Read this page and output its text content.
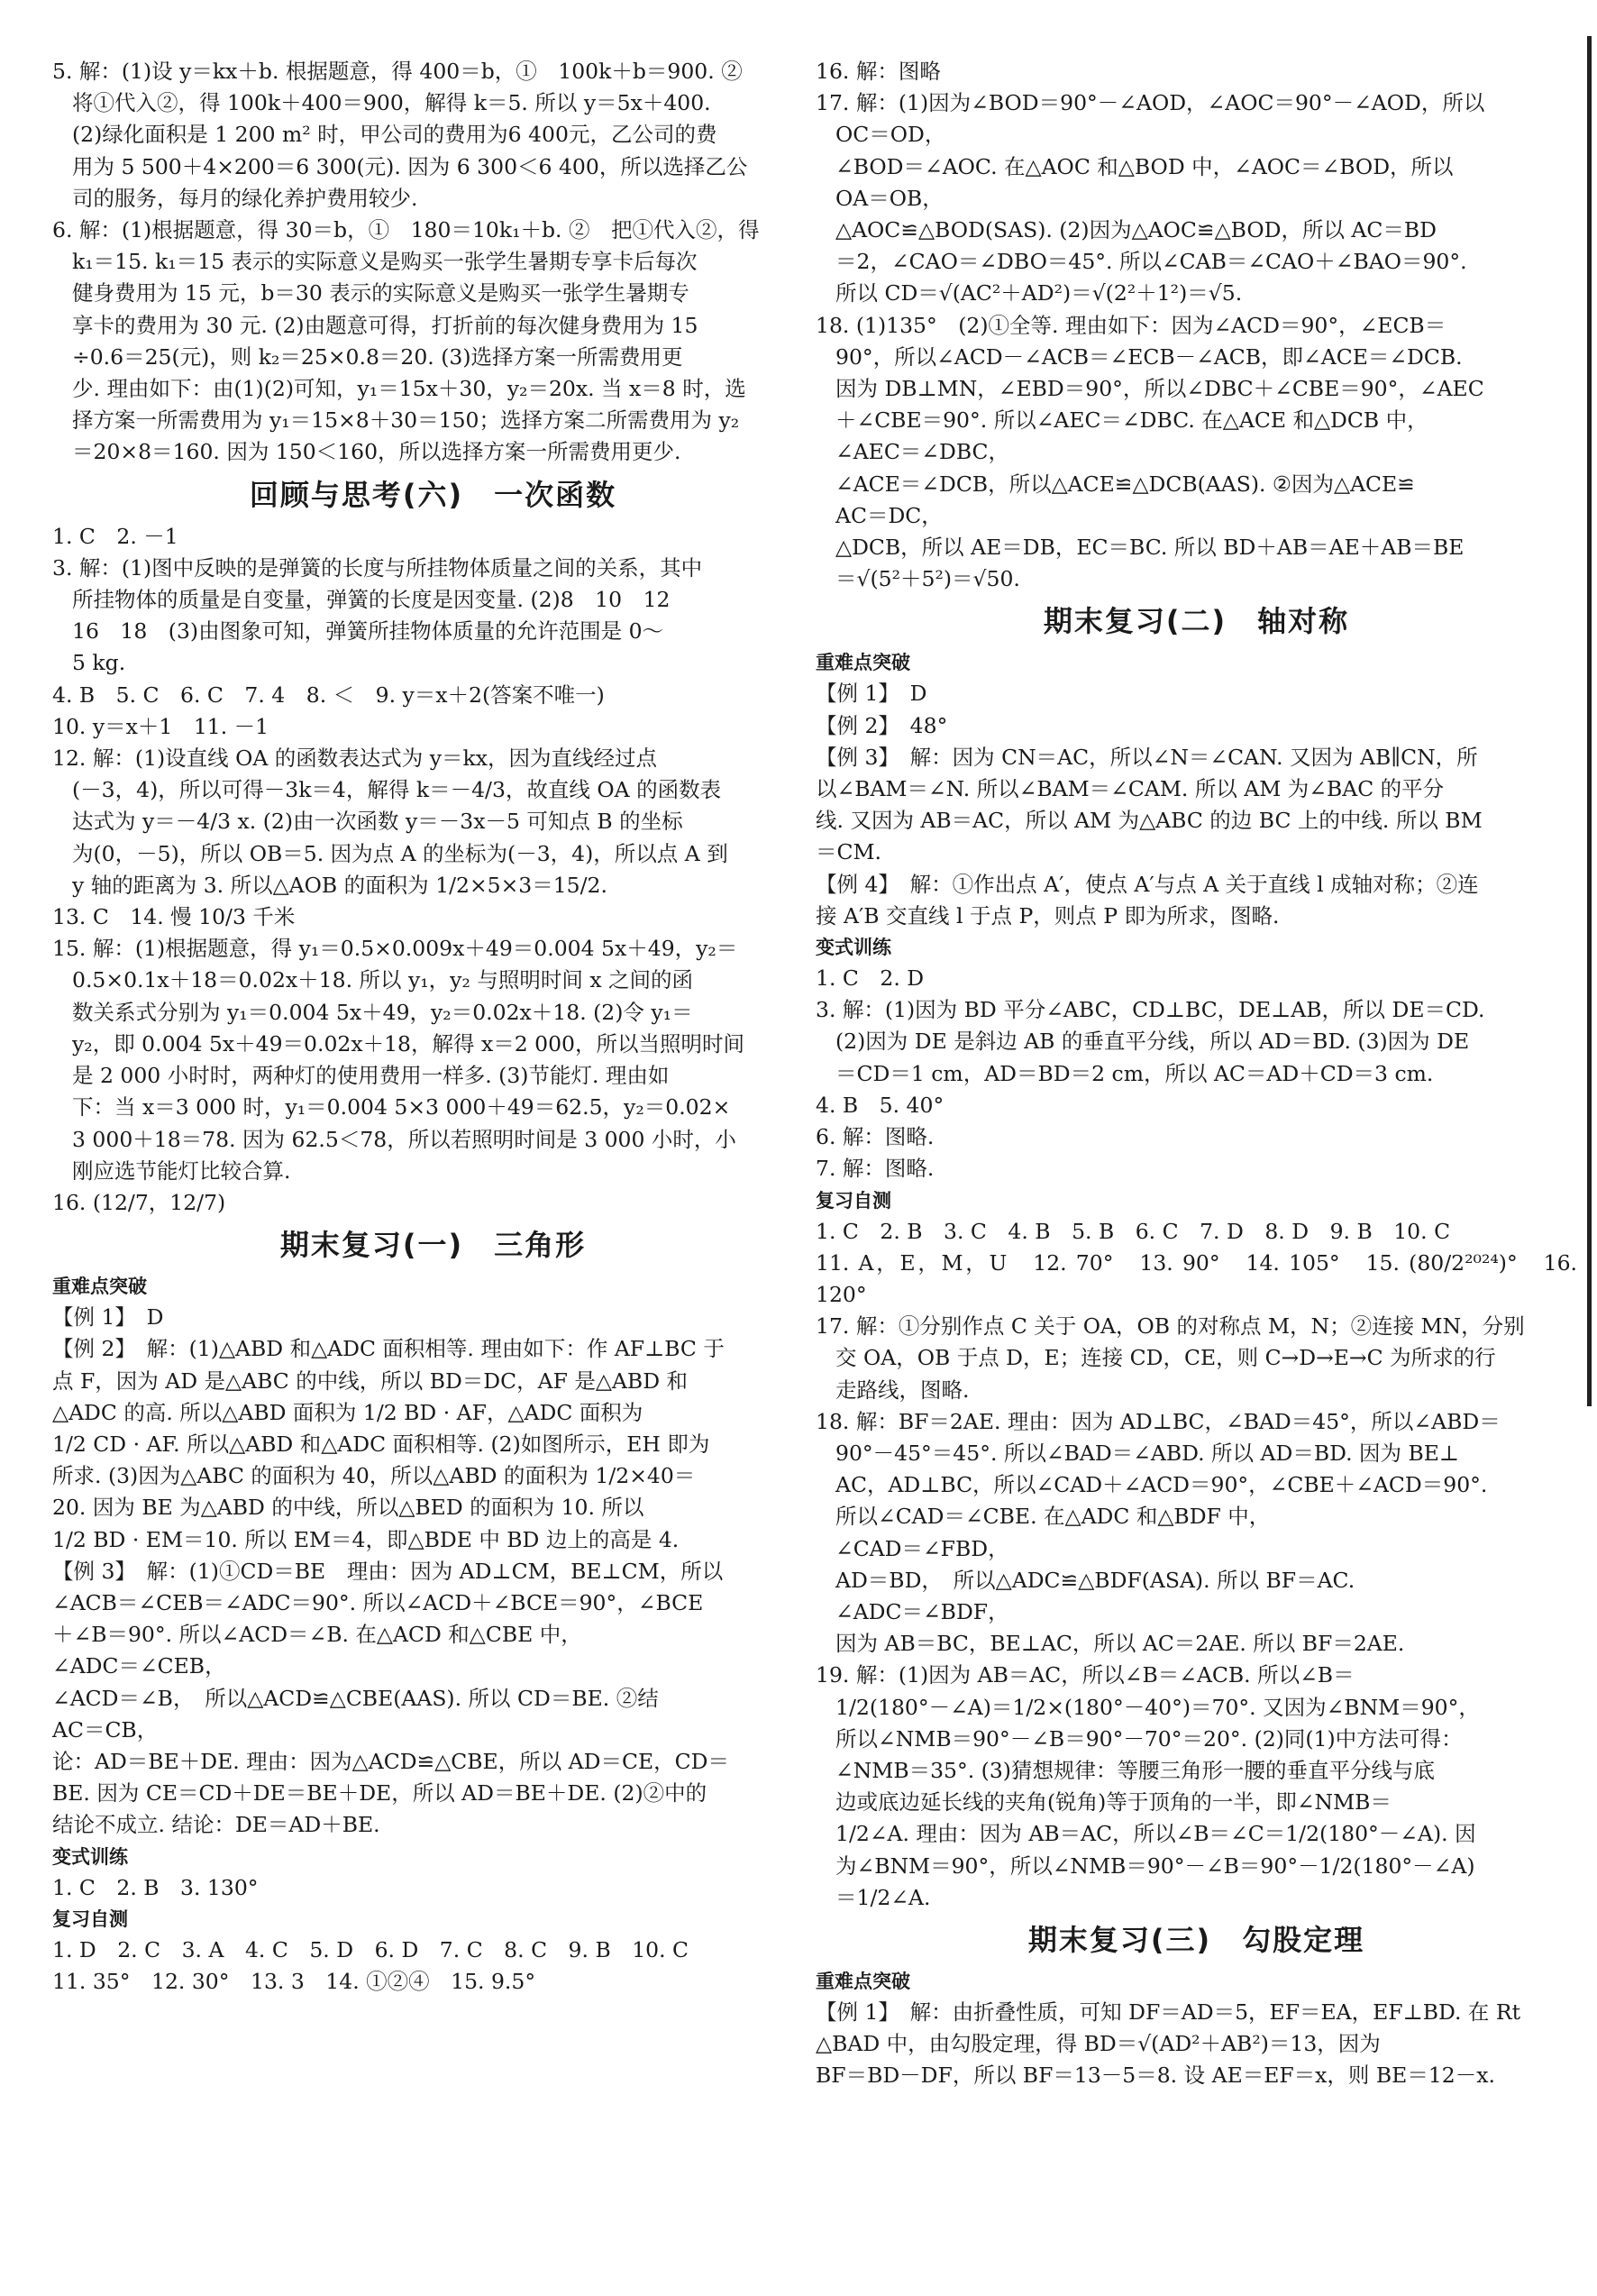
5. 解：(1)设 y＝kx＋b. 根据题意，得 400＝b，①　100k＋b＝900. ②
将①代入②，得 100k＋400＝900，解得 k＝5. 所以 y＝5x＋400.
(2)绿化面积是 1 200 m² 时，甲公司的费用为6 400元，乙公司的费
用为 5 500＋4×200＝6 300(元). 因为 6 300＜6 400，所以选择乙公
司的服务，每月的绿化养护费用较少.
6. 解：(1)根据题意，得 30＝b，①　180＝10k₁＋b. ②　把①代入②，得
k₁＝15. k₁＝15 表示的实际意义是购买一张学生暑期专享卡后每次
健身费用为 15 元，b＝30 表示的实际意义是购买一张学生暑期专
享卡的费用为 30 元. (2)由题意可得，打折前的每次健身费用为 15
÷0.6＝25(元)，则 k₂＝25×0.8＝20. (3)选择方案一所需费用更
少. 理由如下：由(1)(2)可知，y₁＝15x＋30，y₂＝20x. 当 x＝8 时，选
择方案一所需费用为 y₁＝15×8＋30＝150；选择方案二所需费用为 y₂
＝20×8＝160. 因为 150＜160，所以选择方案一所需费用更少.
回顾与思考(六)　一次函数
1. C　2. －1
3. 解：(1)图中反映的是弹簧的长度与所挂物体质量之间的关系，其中
所挂物体的质量是自变量，弹簧的长度是因变量. (2)8　10　12
16　18　(3)由图象可知，弹簧所挂物体质量的允许范围是 0～
5 kg.
4. B　5. C　6. C　7. 4　8. ＜　9. y＝x＋2(答案不唯一)
10. y＝x＋1　11. －1
12. 解：(1)设直线 OA 的函数表达式为 y＝kx，因为直线经过点
(－3，4)，所以可得－3k＝4，解得 k＝－4/3，故直线 OA 的函数表
达式为 y＝－4/3 x. (2)由一次函数 y＝－3x－5 可知点 B 的坐标
为(0，－5)，所以 OB＝5. 因为点 A 的坐标为(－3，4)，所以点 A 到
y 轴的距离为 3. 所以△AOB 的面积为 1/2×5×3＝15/2.
13. C　14. 慢 10/3 千米
15. 解：(1)根据题意，得 y₁＝0.5×0.009x＋49＝0.004 5x＋49，y₂＝
0.5×0.1x＋18＝0.02x＋18. 所以 y₁，y₂ 与照明时间 x 之间的函
数关系式分别为 y₁＝0.004 5x＋49，y₂＝0.02x＋18. (2)令 y₁＝
y₂，即 0.004 5x＋49＝0.02x＋18，解得 x＝2 000，所以当照明时间
是 2 000 小时时，两种灯的使用费用一样多. (3)节能灯. 理由如
下：当 x＝3 000 时，y₁＝0.004 5×3 000＋49＝62.5，y₂＝0.02×
3 000＋18＝78. 因为 62.5＜78，所以若照明时间是 3 000 小时，小
刚应选节能灯比较合算.
16. (12/7，12/7)
期末复习(一)　三角形
重难点突破
【例 1】　D
【例 2】　解：(1)△ABD 和△ADC 面积相等. 理由如下：作 AF⊥BC 于
点 F，因为 AD 是△ABC 的中线，所以 BD＝DC，AF 是△ABD 和
△ADC 的高. 所以△ABD 面积为 1/2 BD · AF，△ADC 面积为
1/2 CD · AF. 所以△ABD 和△ADC 面积相等. (2)如图所示，EH 即为
所求. (3)因为△ABC 的面积为 40，所以△ABD 的面积为 1/2×40＝
20. 因为 BE 为△ABD 的中线，所以△BED 的面积为 10. 所以
1/2 BD · EM＝10. 所以 EM＝4，即△BDE 中 BD 边上的高是 4.
【例 3】　解：(1)①CD＝BE　理由：因为 AD⊥CM，BE⊥CM，所以
∠ACB＝∠CEB＝∠ADC＝90°. 所以∠ACD＋∠BCE＝90°，∠BCE
＋∠B＝90°. 所以∠ACD＝∠B. 在△ACD 和△CBE 中，
∠ADC＝∠CEB，
∠ACD＝∠B，　所以△ACD≌△CBE(AAS). 所以 CD＝BE. ②结
AC＝CB，
论：AD＝BE＋DE. 理由：因为△ACD≌△CBE，所以 AD＝CE，CD＝
BE. 因为 CE＝CD＋DE＝BE＋DE，所以 AD＝BE＋DE. (2)②中的
结论不成立. 结论：DE＝AD＋BE.
变式训练
1. C　2. B　3. 130°
复习自测
1. D　2. C　3. A　4. C　5. D　6. D　7. C　8. C　9. B　10. C
11. 35°　12. 30°　13. 3　14. ①②④　15. 9.5°
16. 解：图略
17. 解：(1)因为∠BOD＝90°－∠AOD，∠AOC＝90°－∠AOD，所以
OC＝OD，
∠BOD＝∠AOC. 在△AOC 和△BOD 中，∠AOC＝∠BOD，所以
OA＝OB，
△AOC≌△BOD(SAS). (2)因为△AOC≌△BOD，所以 AC＝BD
＝2，∠CAO＝∠DBO＝45°. 所以∠CAB＝∠CAO＋∠BAO＝90°.
所以 CD＝√(AC²＋AD²)＝√(2²＋1²)＝√5.
18. (1)135°　(2)①全等. 理由如下：因为∠ACD＝90°，∠ECB＝
90°，所以∠ACD－∠ACB＝∠ECB－∠ACB，即∠ACE＝∠DCB.
因为 DB⊥MN，∠EBD＝90°，所以∠DBC＋∠CBE＝90°，∠AEC
＋∠CBE＝90°. 所以∠AEC＝∠DBC. 在△ACE 和△DCB 中，
∠AEC＝∠DBC，
∠ACE＝∠DCB，所以△ACE≌△DCB(AAS). ②因为△ACE≌
AC＝DC，
△DCB，所以 AE＝DB，EC＝BC. 所以 BD＋AB＝AE＋AB＝BE
＝√(5²＋5²)＝√50.
期末复习(二)　轴对称
重难点突破
【例 1】　D
【例 2】　48°
【例 3】　解：因为 CN＝AC，所以∠N＝∠CAN. 又因为 AB∥CN，所
以∠BAM＝∠N. 所以∠BAM＝∠CAM. 所以 AM 为∠BAC 的平分
线. 又因为 AB＝AC，所以 AM 为△ABC 的边 BC 上的中线. 所以 BM
＝CM.
【例 4】　解：①作出点 A′，使点 A′与点 A 关于直线 l 成轴对称；②连
接 A′B 交直线 l 于点 P，则点 P 即为所求，图略.
变式训练
1. C　2. D
3. 解：(1)因为 BD 平分∠ABC，CD⊥BC，DE⊥AB，所以 DE＝CD.
(2)因为 DE 是斜边 AB 的垂直平分线，所以 AD＝BD. (3)因为 DE
＝CD＝1 cm，AD＝BD＝2 cm，所以 AC＝AD＋CD＝3 cm.
4. B　5. 40°
6. 解：图略.
7. 解：图略.
复习自测
1. C　2. B　3. C　4. B　5. B　6. C　7. D　8. D　9. B　10. C
11. A，E，M，U　12. 70°　13. 90°　14. 105°　15. (80/2²⁰²⁴)°　16. 120°
17. 解：①分别作点 C 关于 OA，OB 的对称点 M，N；②连接 MN，分别
交 OA，OB 于点 D，E；连接 CD，CE，则 C→D→E→C 为所求的行
走路线，图略.
18. 解：BF＝2AE. 理由：因为 AD⊥BC，∠BAD＝45°，所以∠ABD＝
90°－45°＝45°. 所以∠BAD＝∠ABD. 所以 AD＝BD. 因为 BE⊥
AC，AD⊥BC，所以∠CAD＋∠ACD＝90°，∠CBE＋∠ACD＝90°.
所以∠CAD＝∠CBE. 在△ADC 和△BDF 中，
∠CAD＝∠FBD，
AD＝BD，　所以△ADC≌△BDF(ASA). 所以 BF＝AC.
∠ADC＝∠BDF，
因为 AB＝BC，BE⊥AC，所以 AC＝2AE. 所以 BF＝2AE.
19. 解：(1)因为 AB＝AC，所以∠B＝∠ACB. 所以∠B＝
1/2(180°－∠A)＝1/2×(180°－40°)＝70°. 又因为∠BNM＝90°，
所以∠NMB＝90°－∠B＝90°－70°＝20°. (2)同(1)中方法可得：
∠NMB＝35°. (3)猜想规律：等腰三角形一腰的垂直平分线与底
边或底边延长线的夹角(锐角)等于顶角的一半，即∠NMB＝
1/2∠A. 理由：因为 AB＝AC，所以∠B＝∠C＝1/2(180°－∠A). 因
为∠BNM＝90°，所以∠NMB＝90°－∠B＝90°－1/2(180°－∠A)
＝1/2∠A.
期末复习(三)　勾股定理
重难点突破
【例 1】　解：由折叠性质，可知 DF＝AD＝5，EF＝EA，EF⊥BD. 在 Rt
△BAD 中，由勾股定理，得 BD＝√(AD²＋AB²)＝13，因为
BF＝BD－DF，所以 BF＝13－5＝8. 设 AE＝EF＝x，则 BE＝12－x.
